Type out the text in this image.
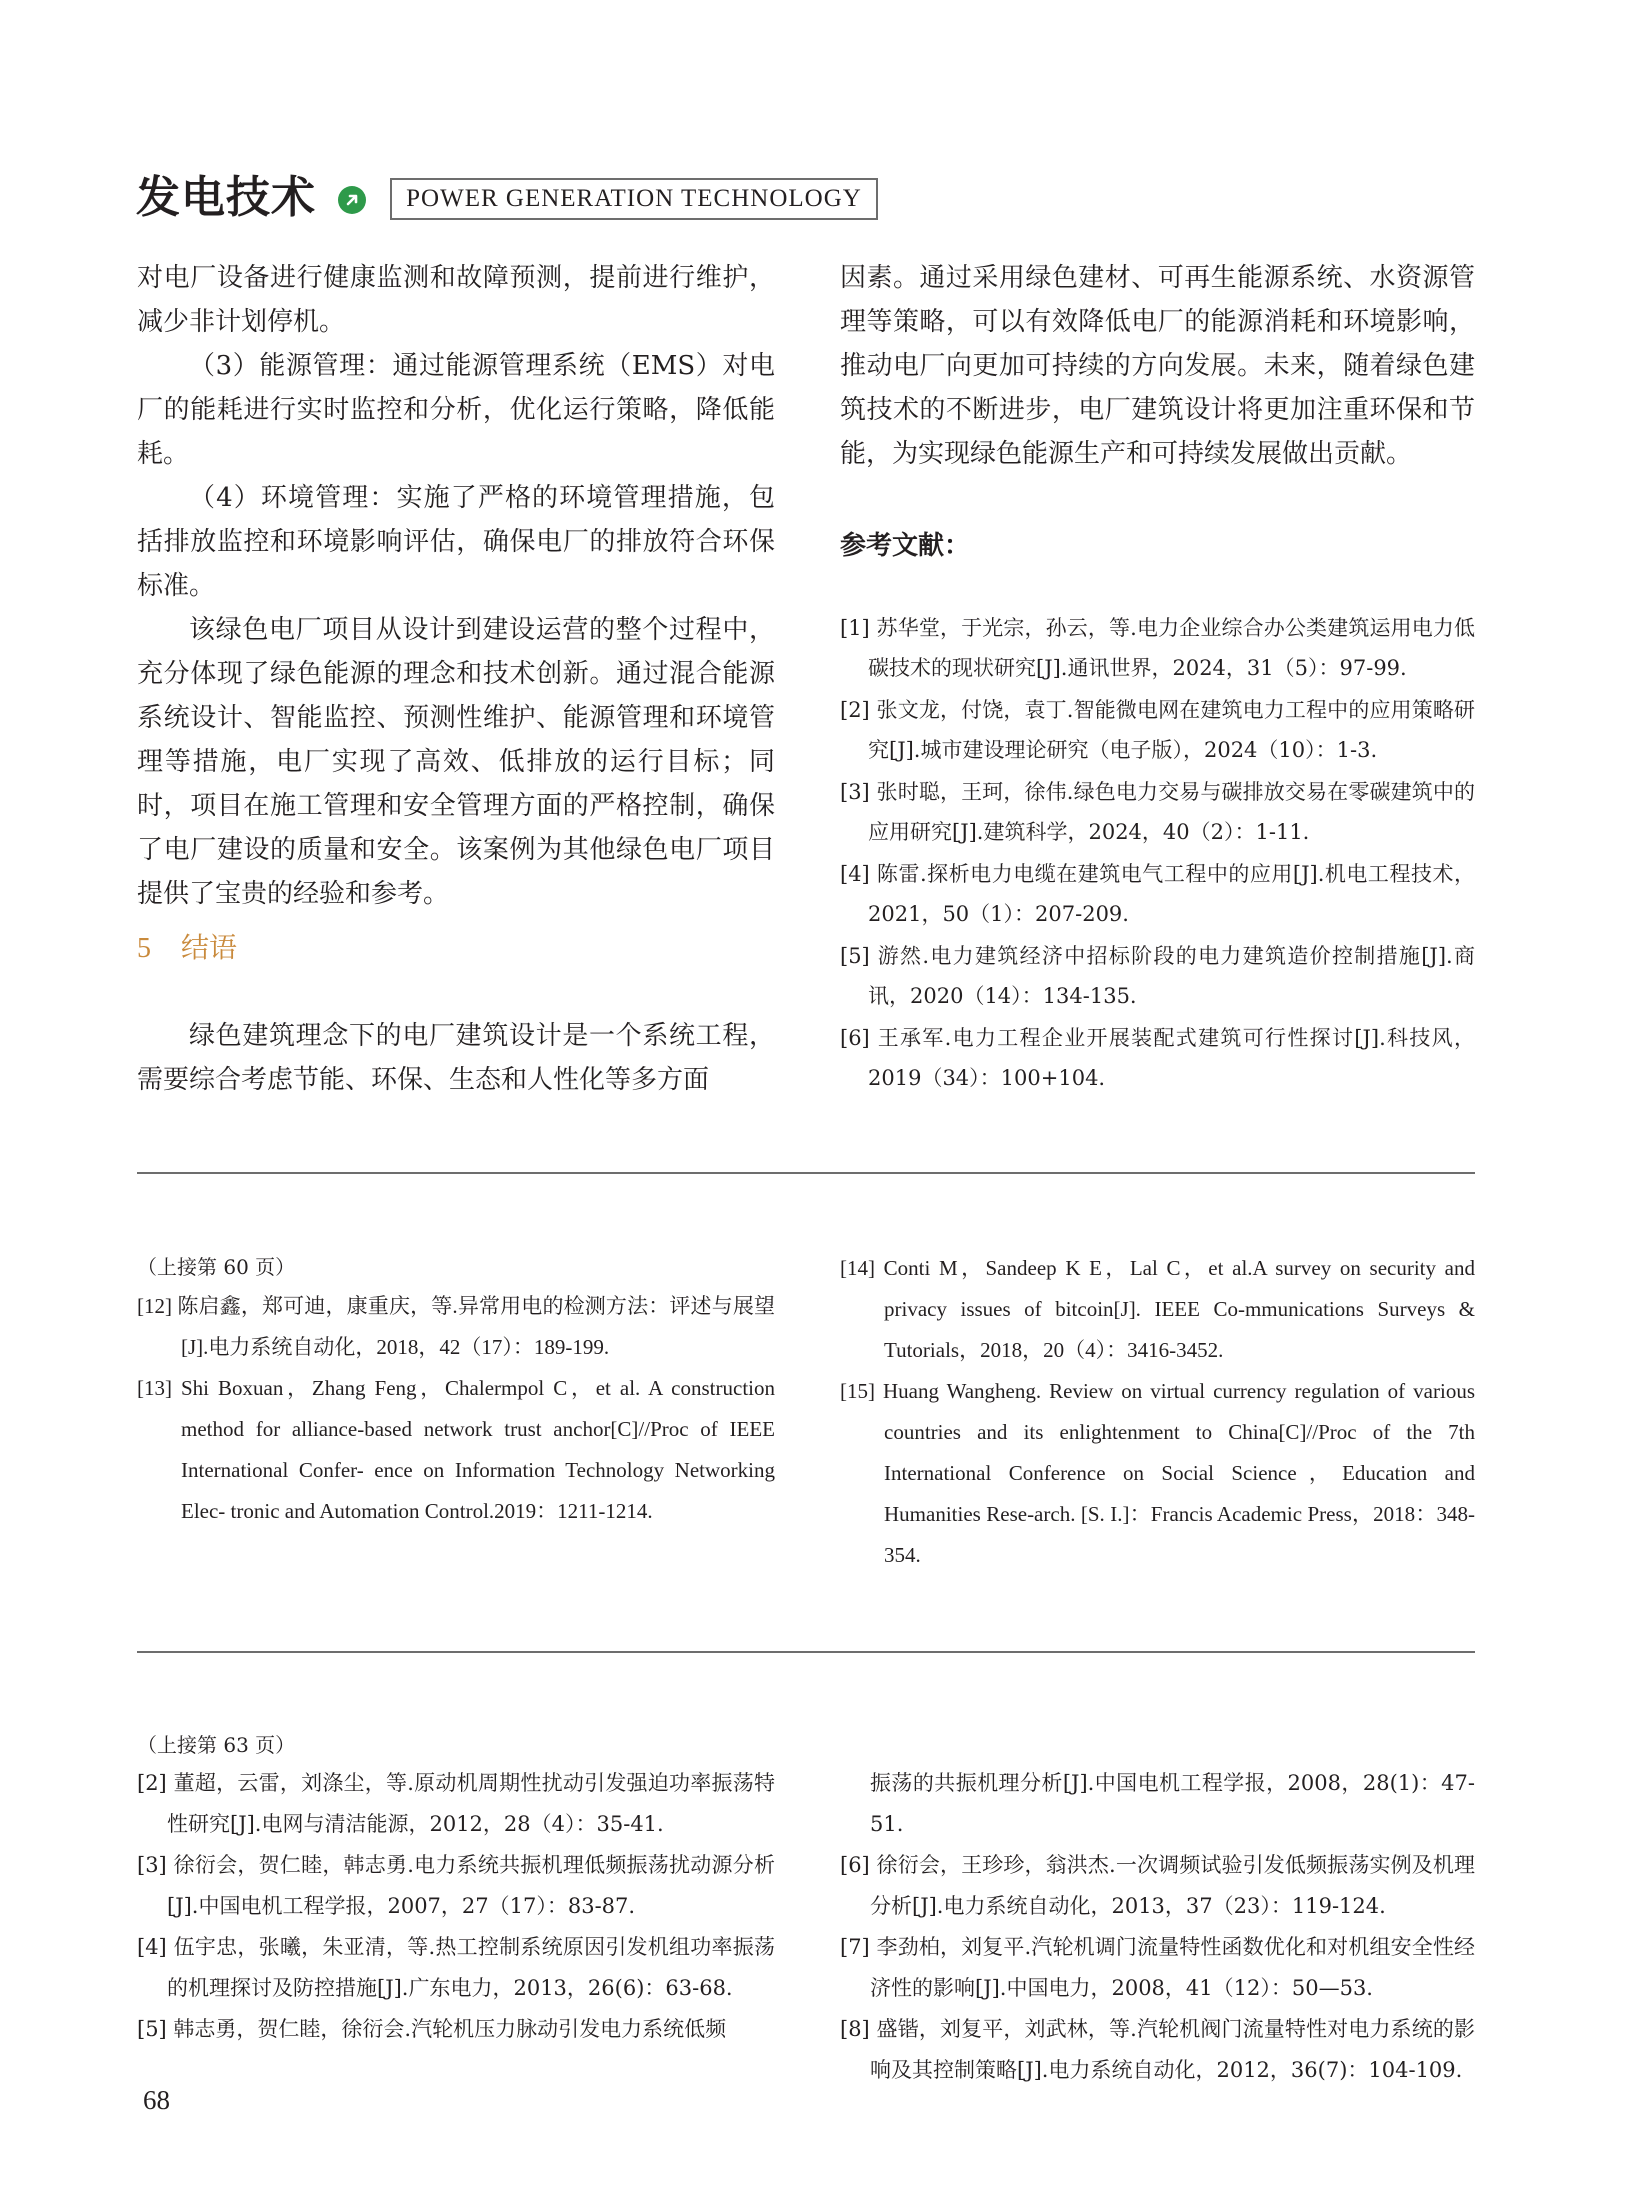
发电技术	POWER GENERATION TECHNOLOGY

对电厂设备进行健康监测和故障预测，提前进行维护，减少非计划停机。

（3）能源管理：通过能源管理系统（EMS）对电厂的能耗进行实时监控和分析，优化运行策略，降低能耗。

（4）环境管理：实施了严格的环境管理措施，包括排放监控和环境影响评估，确保电厂的排放符合环保标准。

该绿色电厂项目从设计到建设运营的整个过程中，充分体现了绿色能源的理念和技术创新。通过混合能源系统设计、智能监控、预测性维护、能源管理和环境管理等措施，电厂实现了高效、低排放的运行目标；同时，项目在施工管理和安全管理方面的严格控制，确保了电厂建设的质量和安全。该案例为其他绿色电厂项目提供了宝贵的经验和参考。

5 结语

绿色建筑理念下的电厂建筑设计是一个系统工程，需要综合考虑节能、环保、生态和人性化等多方面

因素。通过采用绿色建材、可再生能源系统、水资源管理等策略，可以有效降低电厂的能源消耗和环境影响，推动电厂向更加可持续的方向发展。未来，随着绿色建筑技术的不断进步，电厂建筑设计将更加注重环保和节能，为实现绿色能源生产和可持续发展做出贡献。

参考文献：
[1] 苏华堂，于光宗，孙云，等.电力企业综合办公类建筑运用电力低碳技术的现状研究[J].通讯世界，2024，31（5）：97-99.
[2] 张文龙，付饶，袁丁.智能微电网在建筑电力工程中的应用策略研究[J].城市建设理论研究（电子版），2024（10）：1-3.
[3] 张时聪，王珂，徐伟.绿色电力交易与碳排放交易在零碳建筑中的应用研究[J].建筑科学，2024，40（2）：1-11.
[4] 陈雷.探析电力电缆在建筑电气工程中的应用[J].机电工程技术，2021，50（1）：207-209.
[5] 游然.电力建筑经济中招标阶段的电力建筑造价控制措施[J].商讯，2020（14）：134-135.
[6] 王承军.电力工程企业开展装配式建筑可行性探讨[J].科技风，2019（34）：100+104.
（上接第 60 页）
[12] 陈启鑫，郑可迪，康重庆，等.异常用电的检测方法：评述与展望[J].电力系统自动化，2018，42（17）：189-199.
[13] Shi Boxuan，Zhang Feng，Chalermpol C，et al. A construction method for alliance-based network trust anchor[C]//Proc of IEEE International Confer- ence on Information Technology Networking Elec- tronic and Automation Control.2019：1211-1214.
[14] Conti M，Sandeep K E，Lal C，et al.A survey on security and privacy issues of bitcoin[J]. IEEE Co-mmunications Surveys & Tutorials，2018，20（4）：3416-3452.
[15] Huang Wangheng. Review on virtual currency regulation of various countries and its enlightenment to China[C]//Proc of the 7th International Conference on Social Science，Education and Humanities Rese-arch. [S. I.]：Francis Academic Press，2018：348-354.
（上接第 63 页）
[2] 董超，云雷，刘涤尘，等.原动机周期性扰动引发强迫功率振荡特性研究[J].电网与清洁能源，2012，28（4）：35-41.
[3] 徐衍会，贺仁睦，韩志勇.电力系统共振机理低频振荡扰动源分析[J].中国电机工程学报，2007，27（17）：83-87.
[4] 伍宇忠，张曦，朱亚清，等.热工控制系统原因引发机组功率振荡的机理探讨及防控措施[J].广东电力，2013，26(6)：63-68.
[5] 韩志勇，贺仁睦，徐衍会.汽轮机压力脉动引发电力系统低频
振荡的共振机理分析[J].中国电机工程学报，2008，28(1)：47-51.
[6] 徐衍会，王珍珍，翁洪杰.一次调频试验引发低频振荡实例及机理分析[J].电力系统自动化，2013，37（23）：119-124.
[7] 李劲柏，刘复平.汽轮机调门流量特性函数优化和对机组安全性经济性的影响[J].中国电力，2008，41（12）：50—53.
[8] 盛锴，刘复平，刘武林，等.汽轮机阀门流量特性对电力系统的影响及其控制策略[J].电力系统自动化，2012，36(7)：104-109.
68
